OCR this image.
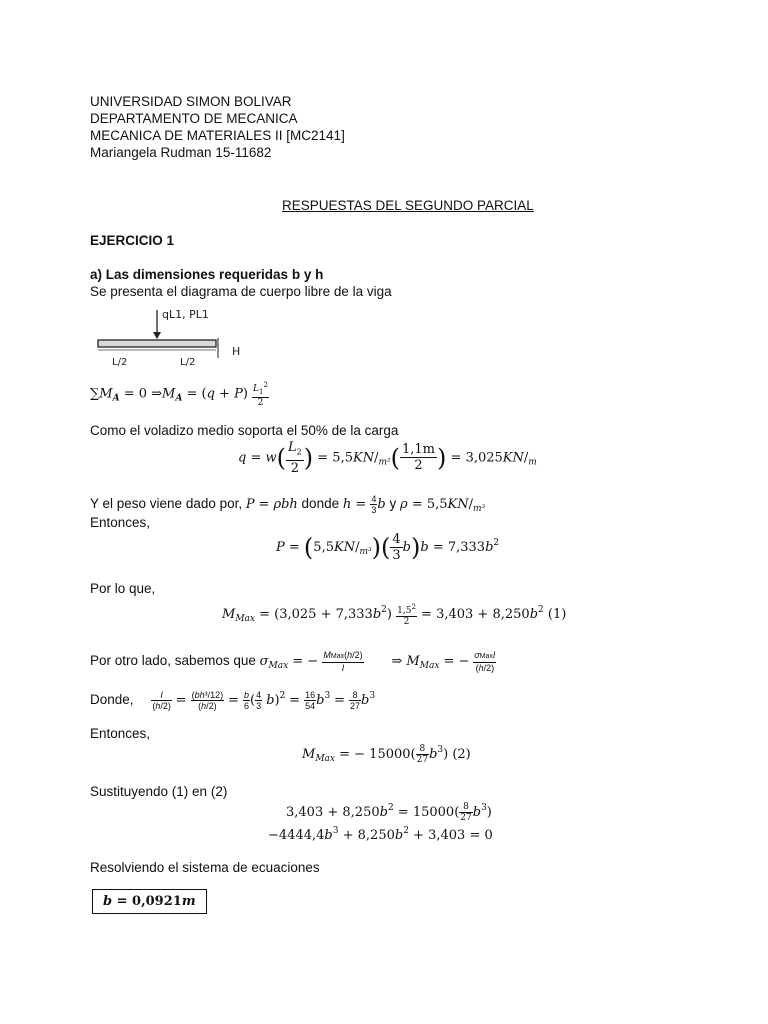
UNIVERSIDAD SIMON BOLIVAR
DEPARTAMENTO DE MECANICA
MECANICA DE MATERIALES II [MC2141]
Mariangela Rudman 15-11682
RESPUESTAS DEL SEGUNDO PARCIAL
EJERCICIO 1
a) Las dimensiones requeridas b y h
Se presenta el diagrama de cuerpo libre de la viga
qL1, PL1
L/2	L/2
H
$\sum M_A = 0$ $\Rightarrow M_A = (q + P) \frac{L_1^2}{2}$
Como el voladizo medio soporta el 50% de la carga
$q = w( \frac{L_2}{2}$ ) = $5,5KN/_{m^2}( \frac{1,1m}{2}$ ) = $3,025KN/_m$
Y el peso viene dado por, P = ρbh donde $h = \frac{4}{3}$ b y $\rho = 5,5KN/_{m^3}$
Entonces,
$P = (5,5KN/_{m^3})( \frac{4}{3} b)b = 7,333b^2$
Por lo que,
$M_{Max} = (3,025 + 7,333b^2) \frac{1,5^2}{2} = 3,403 + 8,250b^2$ (1)
Por otro lado, sabemos que $\sigma_{Max}$ = − $\frac{\text{MMax(h/2)}}{I}$ ⇒ $M_{Max}$ = − $\frac{\text{σMaxI}}{(h/2)}$
Donde, $\frac{I}{(h/2)} = \frac{\text{(bh³/12)}}{(h/2)} = \frac{b}{6}$ ( $\frac{4}{3} b)^2 = \frac{16}{54} b^3 = \frac{8}{27} b^3$
Entonces,
$M_{Max}$ = − $15000( \frac{8}{27} b^3)$ (2)
Sustituyendo (1) en (2)
$3,403 + 8,250b^2 = 15000( \frac{8}{27} b^3)$
$-4444,4b^3 + 8,250b^2 + 3,403 = 0$
Resolviendo el sistema de ecuaciones
b = 0,0921m
